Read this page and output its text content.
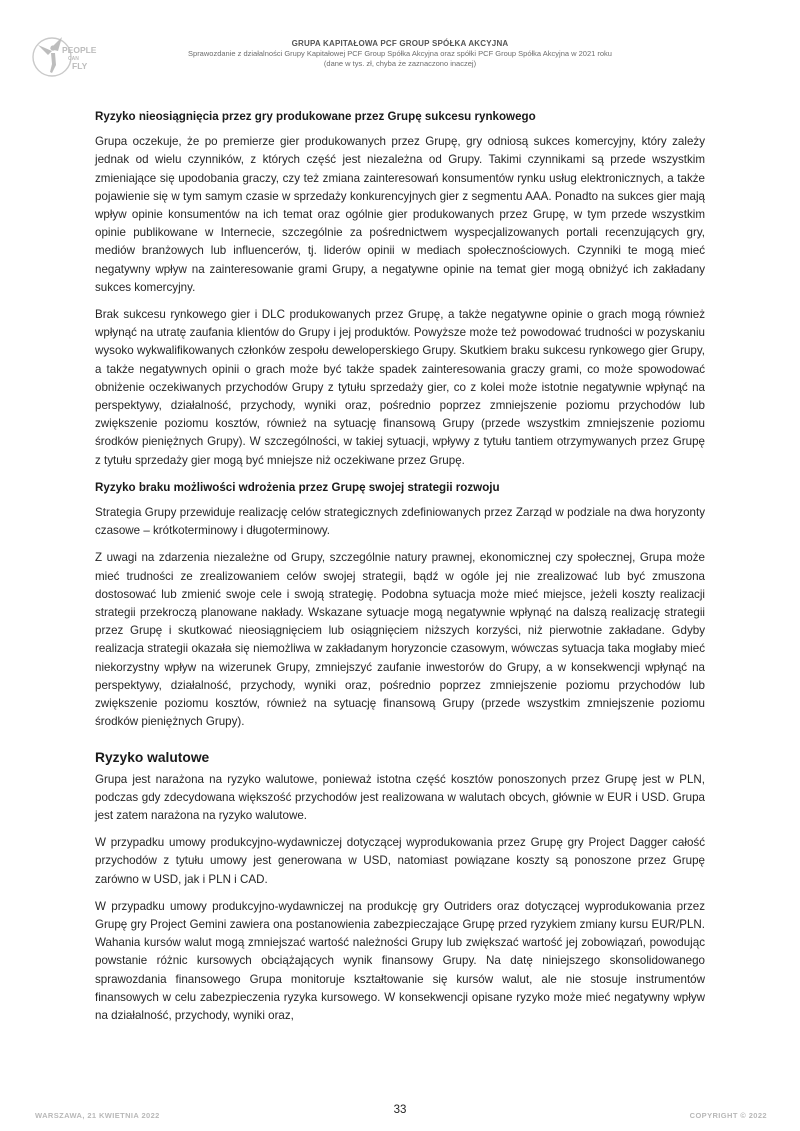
PEOPLE
CAN
FLY
GRUPA KAPITAŁOWA PCF GROUP SPÓŁKA AKCYJNA
Sprawozdanie z działalności Grupy Kapitałowej PCF Group Spółka Akcyjna oraz spółki PCF Group Spółka Akcyjna w 2021 roku
(dane w tys. zł, chyba że zaznaczono inaczej)

Ryzyko nieosiągnięcia przez gry produkowane przez Grupę sukcesu rynkowego

Grupa oczekuje, że po premierze gier produkowanych przez Grupę, gry odniosą sukces komercyjny, który zależy jednak od wielu czynników, z których część jest niezależna od Grupy. Takimi czynnikami są przede wszystkim zmieniające się upodobania graczy, czy też zmiana zainteresowań konsumentów rynku usług elektronicznych, a także pojawienie się w tym samym czasie w sprzedaży konkurencyjnych gier z segmentu AAA. Ponadto na sukces gier mają wpływ opinie konsumentów na ich temat oraz ogólnie gier produkowanych przez Grupę, w tym przede wszystkim opinie publikowane w Internecie, szczególnie za pośrednictwem wyspecjalizowanych portali recenzujących gry, mediów branżowych lub influencerów, tj. liderów opinii w mediach społecznościowych. Czynniki te mogą mieć negatywny wpływ na zainteresowanie grami Grupy, a negatywne opinie na temat gier mogą obniżyć ich zakładany sukces komercyjny.

Brak sukcesu rynkowego gier i DLC produkowanych przez Grupę, a także negatywne opinie o grach mogą również wpłynąć na utratę zaufania klientów do Grupy i jej produktów. Powyższe może też powodować trudności w pozyskaniu wysoko wykwalifikowanych członków zespołu deweloperskiego Grupy. Skutkiem braku sukcesu rynkowego gier Grupy, a także negatywnych opinii o grach może być także spadek zainteresowania graczy grami, co może spowodować obniżenie oczekiwanych przychodów Grupy z tytułu sprzedaży gier, co z kolei może istotnie negatywnie wpłynąć na perspektywy, działalność, przychody, wyniki oraz, pośrednio poprzez zmniejszenie poziomu przychodów lub zwiększenie poziomu kosztów, również na sytuację finansową Grupy (przede wszystkim zmniejszenie poziomu środków pieniężnych Grupy). W szczególności, w takiej sytuacji, wpływy z tytułu tantiem otrzymywanych przez Grupę z tytułu sprzedaży gier mogą być mniejsze niż oczekiwane przez Grupę.

Ryzyko braku możliwości wdrożenia przez Grupę swojej strategii rozwoju

Strategia Grupy przewiduje realizację celów strategicznych zdefiniowanych przez Zarząd w podziale na dwa horyzonty czasowe – krótkoterminowy i długoterminowy.

Z uwagi na zdarzenia niezależne od Grupy, szczególnie natury prawnej, ekonomicznej czy społecznej, Grupa może mieć trudności ze zrealizowaniem celów swojej strategii, bądź w ogóle jej nie zrealizować lub być zmuszona dostosować lub zmienić swoje cele i swoją strategię. Podobna sytuacja może mieć miejsce, jeżeli koszty realizacji strategii przekroczą planowane nakłady. Wskazane sytuacje mogą negatywnie wpłynąć na dalszą realizację strategii przez Grupę i skutkować nieosiągnięciem lub osiągnięciem niższych korzyści, niż pierwotnie zakładane. Gdyby realizacja strategii okazała się niemożliwa w zakładanym horyzoncie czasowym, wówczas sytuacja taka mogłaby mieć niekorzystny wpływ na wizerunek Grupy, zmniejszyć zaufanie inwestorów do Grupy, a w konsekwencji wpłynąć na perspektywy, działalność, przychody, wyniki oraz, pośrednio poprzez zmniejszenie poziomu przychodów lub zwiększenie poziomu kosztów, również na sytuację finansową Grupy (przede wszystkim zmniejszenie poziomu środków pieniężnych Grupy).

Ryzyko walutowe

Grupa jest narażona na ryzyko walutowe, ponieważ istotna część kosztów ponoszonych przez Grupę jest w PLN, podczas gdy zdecydowana większość przychodów jest realizowana w walutach obcych, głównie w EUR i USD. Grupa jest zatem narażona na ryzyko walutowe.

W przypadku umowy produkcyjno-wydawniczej dotyczącej wyprodukowania przez Grupę gry Project Dagger całość przychodów z tytułu umowy jest generowana w USD, natomiast powiązane koszty są ponoszone przez Grupę zarówno w USD, jak i PLN i CAD.

W przypadku umowy produkcyjno-wydawniczej na produkcję gry Outriders oraz dotyczącej wyprodukowania przez Grupę gry Project Gemini zawiera ona postanowienia zabezpieczające Grupę przed ryzykiem zmiany kursu EUR/PLN. Wahania kursów walut mogą zmniejszać wartość należności Grupy lub zwiększać wartość jej zobowiązań, powodując powstanie różnic kursowych obciążających wynik finansowy Grupy. Na datę niniejszego skonsolidowanego sprawozdania finansowego Grupa monitoruje kształtowanie się kursów walut, ale nie stosuje instrumentów finansowych w celu zabezpieczenia ryzyka kursowego. W konsekwencji opisane ryzyko może mieć negatywny wpływ na działalność, przychody, wyniki oraz,

WARSZAWA, 21 KWIETNIA 2022	33	COPYRIGHT © 2022
